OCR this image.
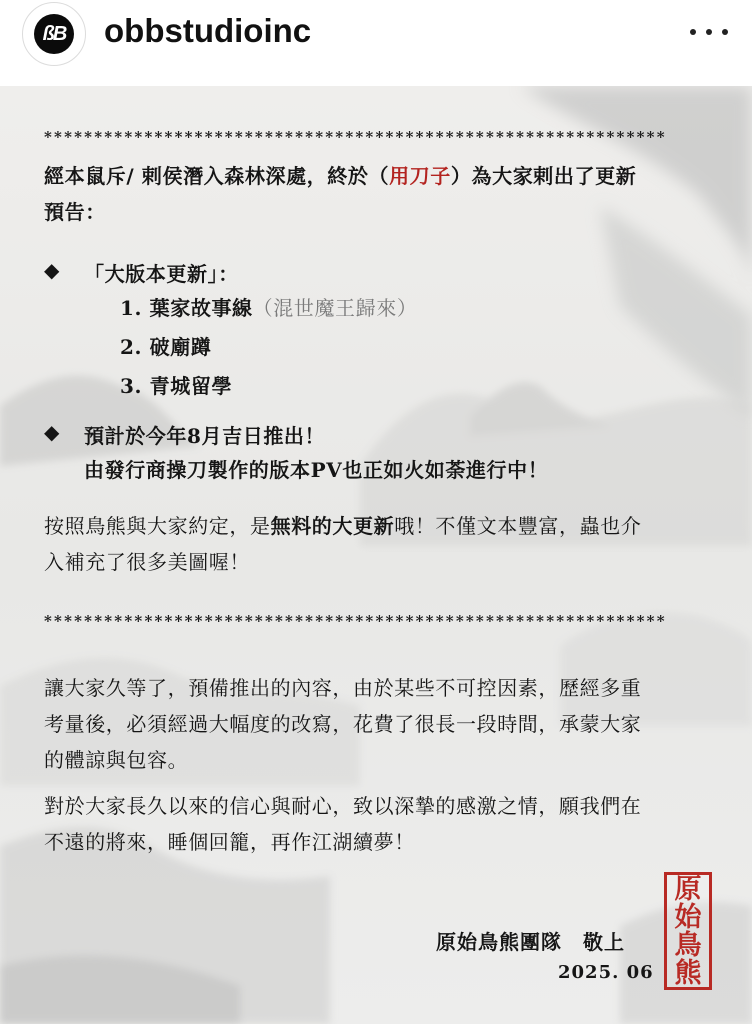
ßB obbstudioinc
**************************************************************
經本鼠斥/ 剌侯潛入森林深處，終於（用刀子）為大家剌出了更新
預告：
◆ 「大版本更新」：
1. 葉家故事線（混世魔王歸來）
2. 破廟蹲
3. 青城留學
◆ 預計於今年8月吉日推出！
由發行商操刀製作的版本PV也正如火如荼進行中！
按照鳥熊與大家約定，是無料的大更新哦！不僅文本豐富，蟲也介
入補充了很多美圖喔！
**************************************************************
讓大家久等了，預備推出的內容，由於某些不可控因素，歷經多重
考量後，必須經過大幅度的改寫，花費了很長一段時間，承蒙大家
的體諒與包容。
對於大家長久以來的信心與耐心，致以深摯的感激之情，願我們在
不遠的將來，睡個回籠，再作江湖續夢！
原始鳥熊團隊　敬上
2025. 06
原
始
鳥
熊
